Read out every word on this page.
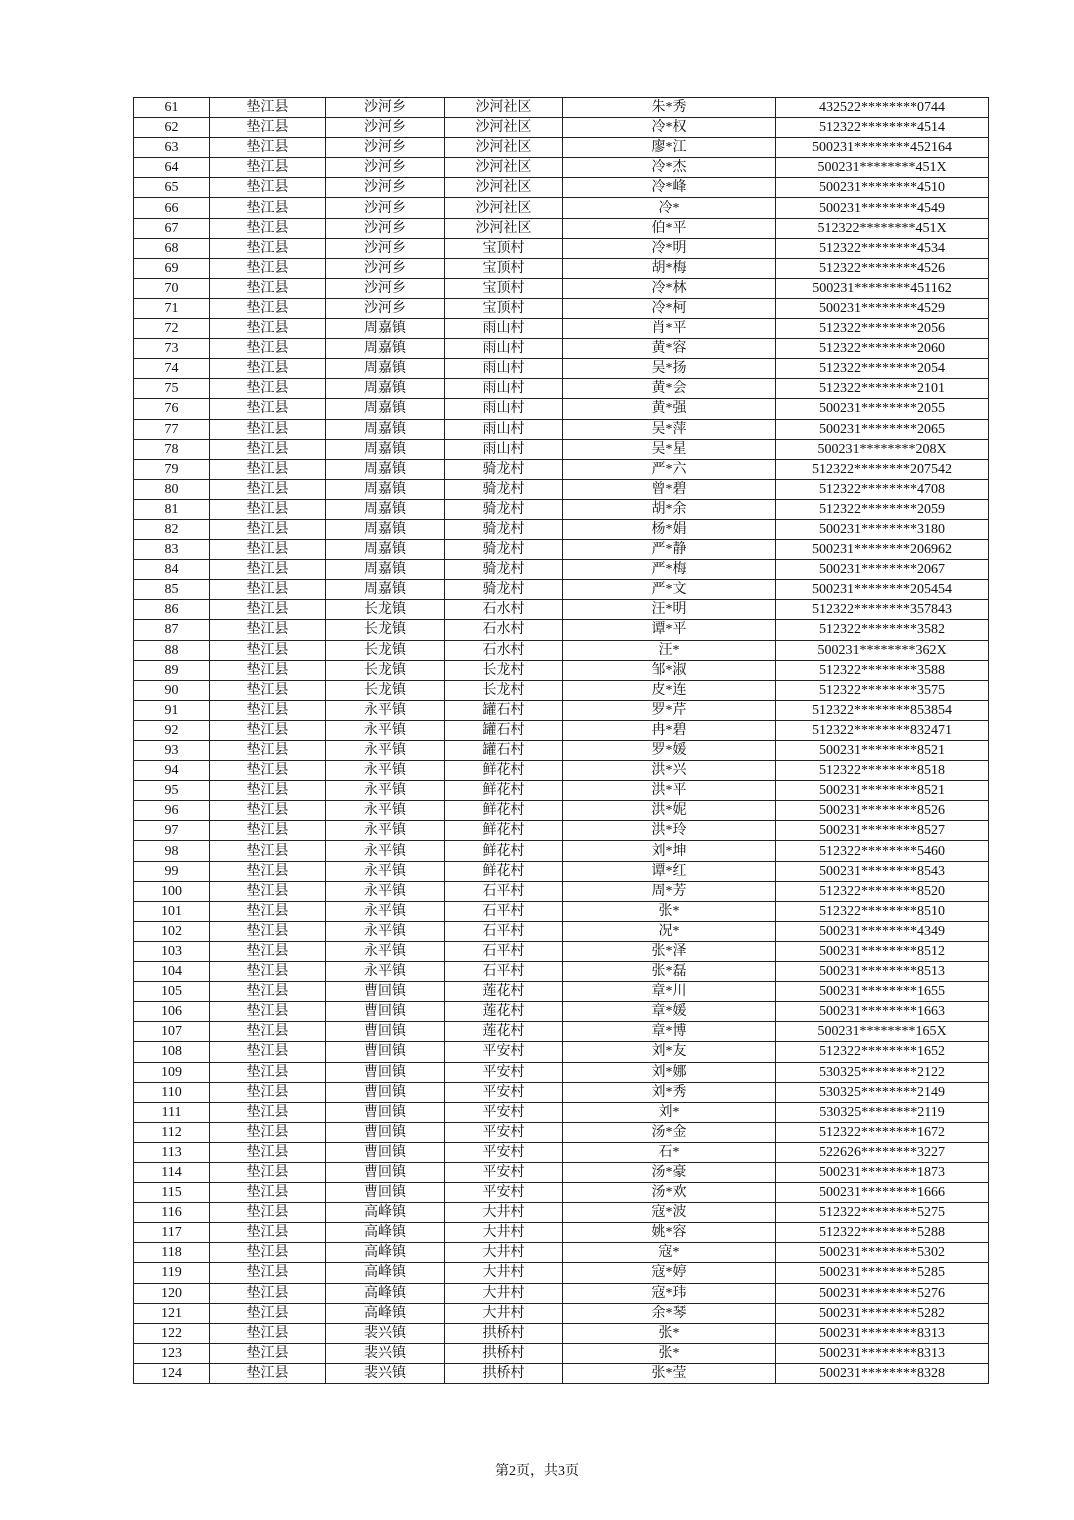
61	垫江县	沙河乡	沙河社区	朱*秀	432522********0744
62	垫江县	沙河乡	沙河社区	冷*权	512322********4514
63	垫江县	沙河乡	沙河社区	廖*江	500231********452164
64	垫江县	沙河乡	沙河社区	冷*杰	500231********451X
65	垫江县	沙河乡	沙河社区	冷*峰	500231********4510
66	垫江县	沙河乡	沙河社区	冷*	500231********4549
67	垫江县	沙河乡	沙河社区	伯*平	512322********451X
68	垫江县	沙河乡	宝顶村	冷*明	512322********4534
69	垫江县	沙河乡	宝顶村	胡*梅	512322********4526
70	垫江县	沙河乡	宝顶村	冷*林	500231********451162
71	垫江县	沙河乡	宝顶村	冷*柯	500231********4529
72	垫江县	周嘉镇	雨山村	肖*平	512322********2056
73	垫江县	周嘉镇	雨山村	黄*容	512322********2060
74	垫江县	周嘉镇	雨山村	吴*扬	512322********2054
75	垫江县	周嘉镇	雨山村	黄*会	512322********2101
76	垫江县	周嘉镇	雨山村	黄*强	500231********2055
77	垫江县	周嘉镇	雨山村	吴*萍	500231********2065
78	垫江县	周嘉镇	雨山村	吴*星	500231********208X
79	垫江县	周嘉镇	骑龙村	严*六	512322********207542
80	垫江县	周嘉镇	骑龙村	曾*碧	512322********4708
81	垫江县	周嘉镇	骑龙村	胡*余	512322********2059
82	垫江县	周嘉镇	骑龙村	杨*娟	500231********3180
83	垫江县	周嘉镇	骑龙村	严*静	500231********206962
84	垫江县	周嘉镇	骑龙村	严*梅	500231********2067
85	垫江县	周嘉镇	骑龙村	严*文	500231********205454
86	垫江县	长龙镇	石水村	汪*明	512322********357843
87	垫江县	长龙镇	石水村	谭*平	512322********3582
88	垫江县	长龙镇	石水村	汪*	500231********362X
89	垫江县	长龙镇	长龙村	邹*淑	512322********3588
90	垫江县	长龙镇	长龙村	皮*连	512322********3575
91	垫江县	永平镇	罐石村	罗*芹	512322********853854
92	垫江县	永平镇	罐石村	冉*碧	512322********832471
93	垫江县	永平镇	罐石村	罗*媛	500231********8521
94	垫江县	永平镇	鲜花村	洪*兴	512322********8518
95	垫江县	永平镇	鲜花村	洪*平	500231********8521
96	垫江县	永平镇	鲜花村	洪*妮	500231********8526
97	垫江县	永平镇	鲜花村	洪*玲	500231********8527
98	垫江县	永平镇	鲜花村	刘*坤	512322********5460
99	垫江县	永平镇	鲜花村	谭*红	500231********8543
100	垫江县	永平镇	石平村	周*芳	512322********8520
101	垫江县	永平镇	石平村	张*	512322********8510
102	垫江县	永平镇	石平村	况*	500231********4349
103	垫江县	永平镇	石平村	张*泽	500231********8512
104	垫江县	永平镇	石平村	张*磊	500231********8513
105	垫江县	曹回镇	莲花村	章*川	500231********1655
106	垫江县	曹回镇	莲花村	章*媛	500231********1663
107	垫江县	曹回镇	莲花村	章*博	500231********165X
108	垫江县	曹回镇	平安村	刘*友	512322********1652
109	垫江县	曹回镇	平安村	刘*娜	530325********2122
110	垫江县	曹回镇	平安村	刘*秀	530325********2149
111	垫江县	曹回镇	平安村	刘*	530325********2119
112	垫江县	曹回镇	平安村	汤*金	512322********1672
113	垫江县	曹回镇	平安村	石*	522626********3227
114	垫江县	曹回镇	平安村	汤*豪	500231********1873
115	垫江县	曹回镇	平安村	汤*欢	500231********1666
116	垫江县	高峰镇	大井村	寇*波	512322********5275
117	垫江县	高峰镇	大井村	姚*容	512322********5288
118	垫江县	高峰镇	大井村	寇*	500231********5302
119	垫江县	高峰镇	大井村	寇*婷	500231********5285
120	垫江县	高峰镇	大井村	寇*玮	500231********5276
121	垫江县	高峰镇	大井村	余*琴	500231********5282
122	垫江县	裴兴镇	拱桥村	张*	500231********8313
123	垫江县	裴兴镇	拱桥村	张*	500231********8313
124	垫江县	裴兴镇	拱桥村	张*莹	500231********8328
第2页，共3页
